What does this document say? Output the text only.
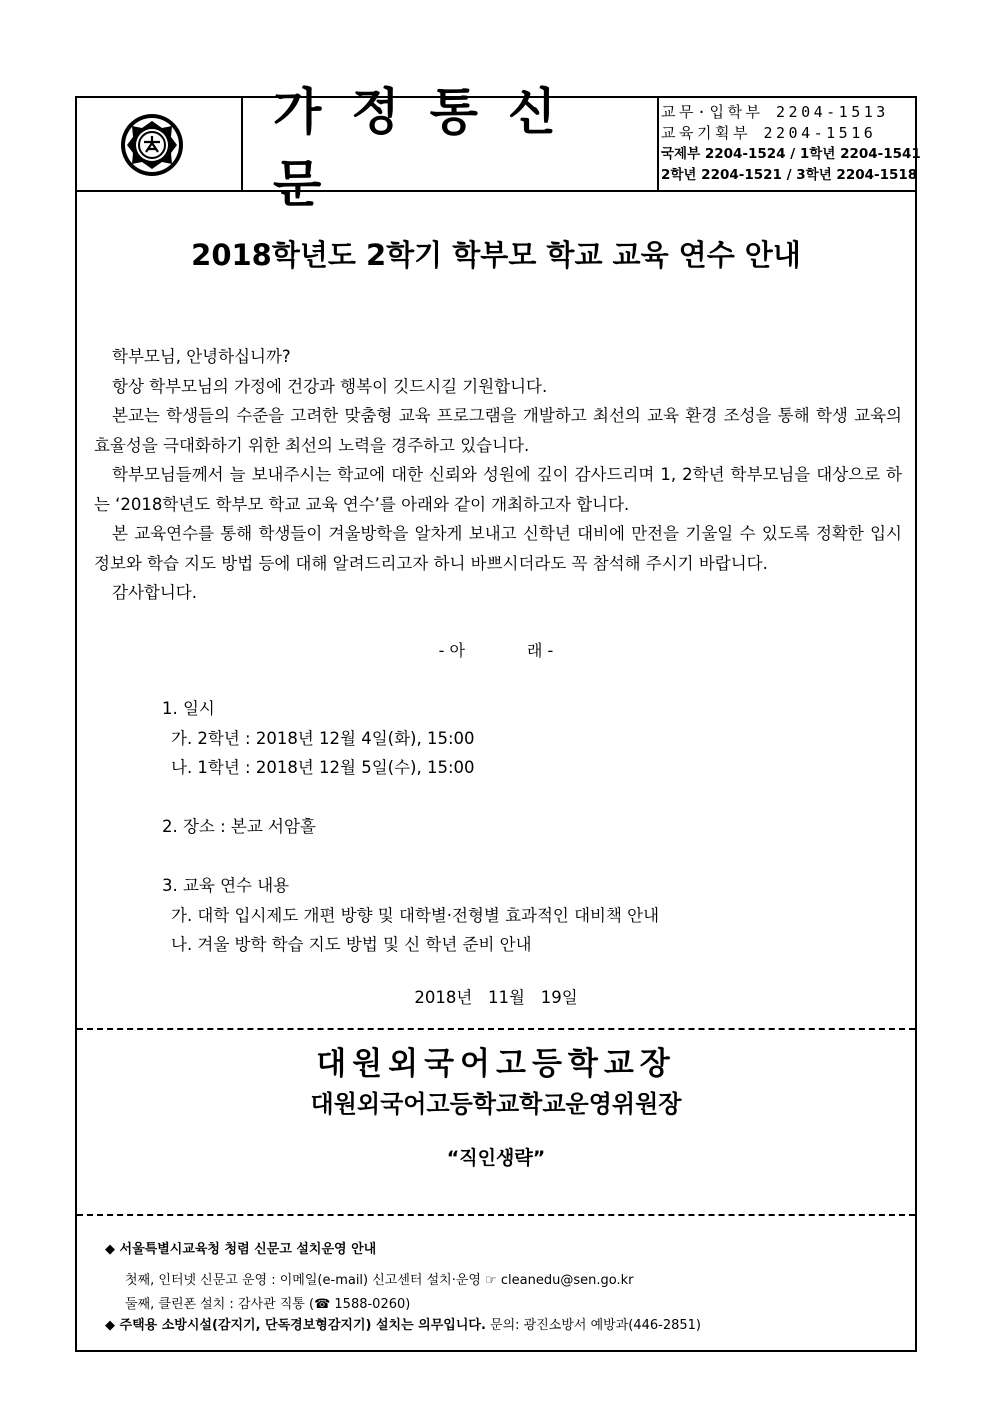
가정통신문
교무·입학부 2204-1513
교육기획부 2204-1516
국제부 2204-1524 / 1학년 2204-1541
2학년 2204-1521 / 3학년 2204-1518
2018학년도 2학기 학부모 학교 교육 연수 안내

학부모님, 안녕하십니까?

항상 학부모님의 가정에 건강과 행복이 깃드시길 기원합니다.

본교는 학생들의 수준을 고려한 맞춤형 교육 프로그램을 개발하고 최선의 교육 환경 조성을 통해 학생 교육의 효율성을 극대화하기 위한 최선의 노력을 경주하고 있습니다.

학부모님들께서 늘 보내주시는 학교에 대한 신뢰와 성원에 깊이 감사드리며 1, 2학년 학부모님을 대상으로 하는 ‘2018학년도 학부모 학교 교육 연수’를 아래와 같이 개최하고자 합니다.

본 교육연수를 통해 학생들이 겨울방학을 알차게 보내고 신학년 대비에 만전을 기울일 수 있도록 정확한 입시 정보와 학습 지도 방법 등에 대해 알려드리고자 하니 바쁘시더라도 꼭 참석해 주시기 바랍니다.

감사합니다.

- 아	래 -
1. 일시
가. 2학년 : 2018년 12월 4일(화), 15:00
나. 1학년 : 2018년 12월 5일(수), 15:00
2. 장소 : 본교 서암홀
3. 교육 연수 내용
가. 대학 입시제도 개편 방향 및 대학별·전형별 효과적인 대비책 안내
나. 겨울 방학 학습 지도 방법 및 신 학년 준비 안내
2018년   11월   19일
대원외국어고등학교장
대원외국어고등학교학교운영위원장
“직인생략”
◆ 서울특별시교육청 청렴 신문고 설치운영 안내
첫째, 인터넷 신문고 운영 : 이메일(e-mail) 신고센터 설치·운영 ☞ cleanedu@sen.go.kr
둘째, 클린폰 설치 : 감사관 직통 (☎ 1588-0260)
◆ 주택용 소방시설(감지기, 단독경보형감지기) 설치는 의무입니다. 문의: 광진소방서 예방과(446-2851)
